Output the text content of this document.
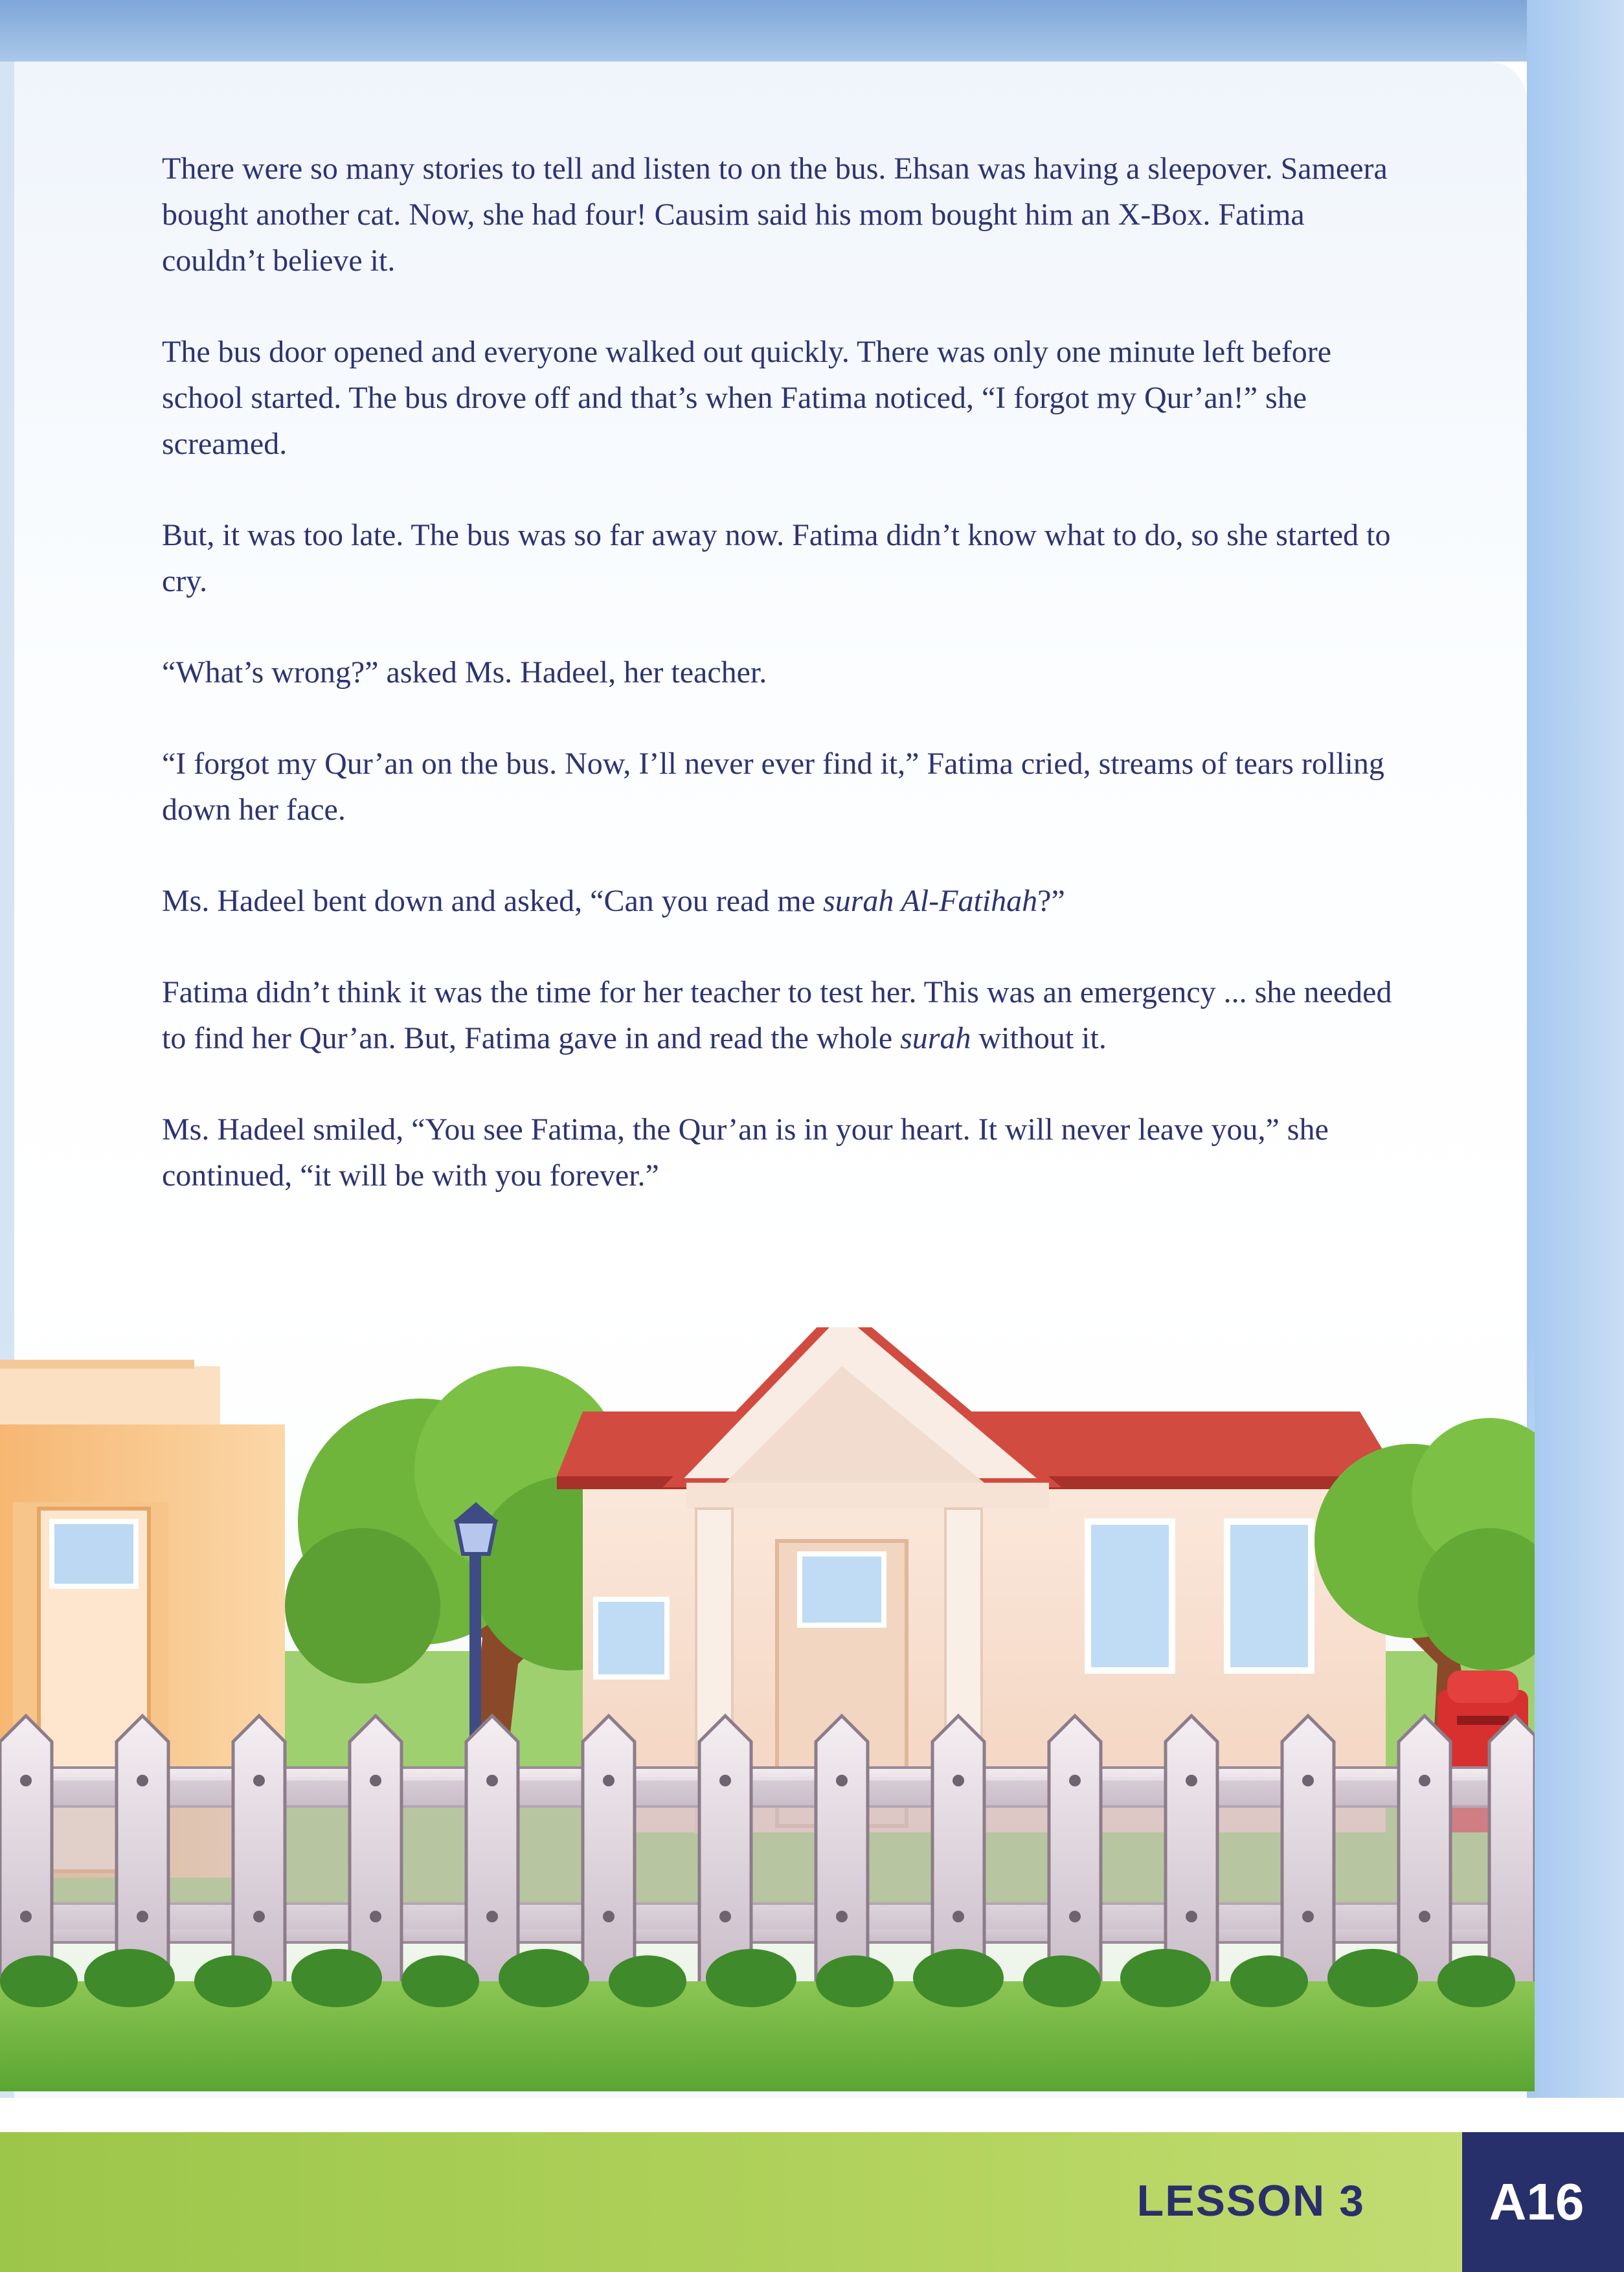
There were so many stories to tell and listen to on the bus. Ehsan was having a sleepover. Sameera bought another cat. Now, she had four! Causim said his mom bought him an X-Box. Fatima couldn’t believe it.

The bus door opened and everyone walked out quickly. There was only one minute left before school started. The bus drove off and that’s when Fatima noticed, “I forgot my Qur’an!” she screamed.

But, it was too late. The bus was so far away now. Fatima didn’t know what to do, so she started to cry.

“What’s wrong?” asked Ms. Hadeel, her teacher.

“I forgot my Qur’an on the bus. Now, I’ll never ever find it,” Fatima cried, streams of tears rolling down her face.

Ms. Hadeel bent down and asked, “Can you read me surah Al-Fatihah?”

Fatima didn’t think it was the time for her teacher to test her. This was an emergency ... she needed to find her Qur’an. But, Fatima gave in and read the whole surah without it.

Ms. Hadeel smiled, “You see Fatima, the Qur’an is in your heart. It will never leave you,” she continued, “it will be with you forever.”

LESSON 3	A16
